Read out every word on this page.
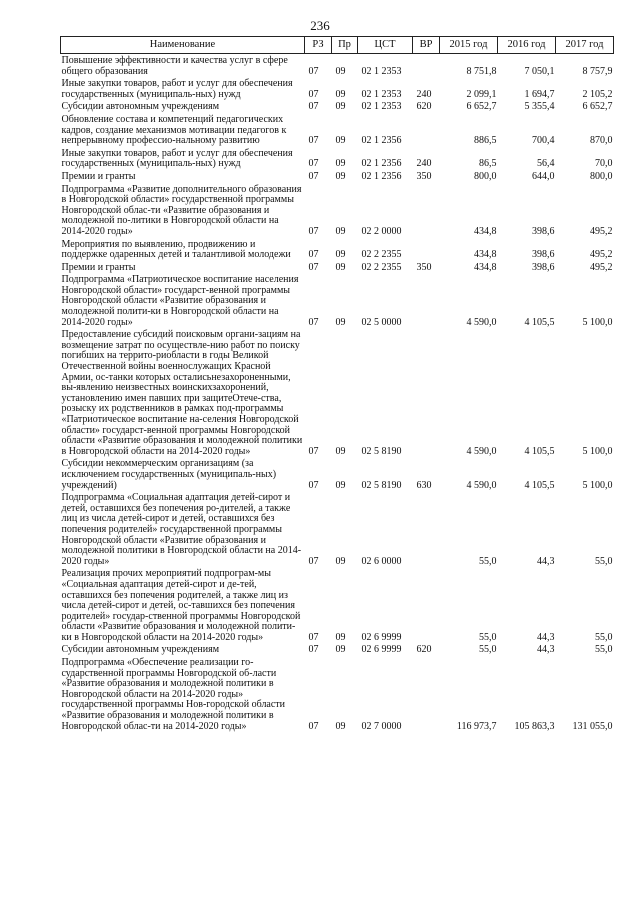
236
Наименование	РЗ	Пр	ЦСТ	ВР	2015 год	2016 год	2017 год
Повышение эффективности и качества услуг в сфере общего образования	07	09	02 1 2353		8 751,8	7 050,1	8 757,9
Иные закупки товаров, работ и услуг для обеспечения государственных (муниципаль-ных) нужд	07	09	02 1 2353	240	2 099,1	1 694,7	2 105,2
Субсидии автономным учреждениям	07	09	02 1 2353	620	6 652,7	5 355,4	6 652,7
Обновление состава и компетенций педагогических кадров, создание механизмов мотивации педагогов к непрерывному профессио-нальному развитию	07	09	02 1 2356		886,5	700,4	870,0
Иные закупки товаров, работ и услуг для обеспечения государственных (муниципаль-ных) нужд	07	09	02 1 2356	240	86,5	56,4	70,0
Премии и гранты	07	09	02 1 2356	350	800,0	644,0	800,0
Подпрограмма «Развитие дополнительного образования в Новгородской области» государственной программы Новгородской облас-ти «Развитие образования и молодежной по-литики в Новгородской области на 2014-2020 годы»	07	09	02 2 0000		434,8	398,6	495,2
Мероприятия по выявлению, продвижению и поддержке одаренных детей и талантливой молодежи	07	09	02 2 2355		434,8	398,6	495,2
Премии и гранты	07	09	02 2 2355	350	434,8	398,6	495,2
Подпрограмма «Патриотическое воспитание населения Новгородской области» государст-венной программы Новгородской области «Развитие образования и молодежной полити-ки в Новгородской области на 2014-2020 годы»	07	09	02 5 0000		4 590,0	4 105,5	5 100,0
Предоставление субсидий поисковым органи-зациям на возмещение затрат по осуществле-нию работ по поиску погибших на террито-риобласти в годы Великой Отечественной войны военнослужащих Красной Армии, ос-танки которых осталисьнезахороненными, вы-явлению неизвестных воинскихзахоронений, установлению имен павших при защитеОтече-ства, розыску их родственников в рамках под-программы «Патриотическое воспитание на-селения Новгородской области» государст-венной программы Новгородской области «Развитие образования и молодежной политики в Новгородской области на 2014-2020 годы»	07	09	02 5 8190		4 590,0	4 105,5	5 100,0
Субсидии некоммерческим организациям (за исключением государственных (муниципаль-ных) учреждений)	07	09	02 5 8190	630	4 590,0	4 105,5	5 100,0
Подпрограмма «Социальная адаптация детей-сирот и детей, оставшихся без попечения ро-дителей, а также лиц из числа детей-сирот и детей, оставшихся без попечения родителей» государственной программы Новгородской области «Развитие образования и молодежной политики в Новгородской области на 2014-2020 годы»	07	09	02 6 0000		55,0	44,3	55,0
Реализация прочих мероприятий подпрограм-мы «Социальная адаптация детей-сирот и де-тей, оставшихся без попечения родителей, а также лиц из числа детей-сирот и детей, ос-тавшихся без попечения родителей» государ-ственной программы Новгородской области «Развитие образования и молодежной полити-ки в Новгородской области на 2014-2020 годы»	07	09	02 6 9999		55,0	44,3	55,0
Субсидии автономным учреждениям	07	09	02 6 9999	620	55,0	44,3	55,0
Подпрограмма «Обеспечение реализации го-сударственной программы Новгородской об-ласти «Развитие образования и молодежной политики в Новгородской области на 2014-2020 годы» государственной программы Нов-городской области «Развитие образования и молодежной политики в Новгородской облас-ти на 2014-2020 годы»	07	09	02 7 0000		116 973,7	105 863,3	131 055,0
